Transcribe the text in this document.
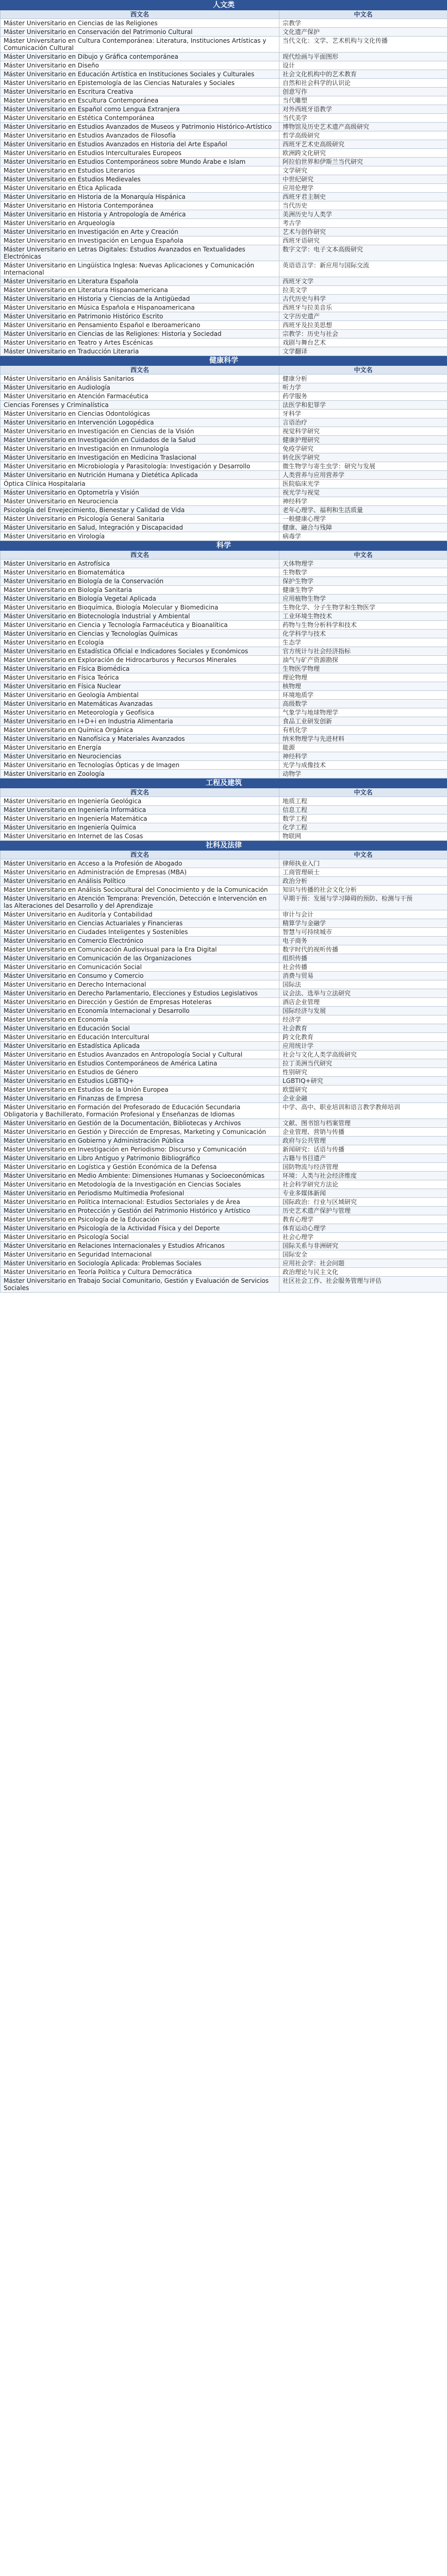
人文类	
西文名	中文名
Máster Universitario en Ciencias de las Religiones	宗教学
Máster Universitario en Conservación del Patrimonio Cultural	文化遗产保护
Máster Universitario en Cultura Contemporánea: Literatura, Instituciones Artísticas y Comunicación Cultural	当代文化：文学、艺术机构与文化传播
Máster Universitario en Dibujo y Gráfica contemporánea	现代绘画与平面图形
Máster Universitario en Diseño	设计
Máster Universitario en Educación Artística en Instituciones Sociales y Culturales	社会文化机构中的艺术教育
Máster Universitario en Epistemología de las Ciencias Naturales y Sociales	自然和社会科学的认识论
Máster Universitario en Escritura Creativa	创意写作
Máster Universitario en Escultura Contemporánea	当代雕塑
Máster Universitario en Español como Lengua Extranjera	对外西班牙语教学
Máster Universitario en Estética Contemporánea	当代美学
Máster Universitario en Estudios Avanzados de Museos y Patrimonio Histórico-Artístico	博物馆及历史艺术遗产高级研究
Máster Universitario en Estudios Avanzados de Filosofía	哲学高级研究
Máster Universitario en Estudios Avanzados en Historia del Arte Español	西班牙艺术史高级研究
Máster Universitario en Estudios Interculturales Europeos	欧洲跨文化研究
Máster Universitario en Estudios Contemporáneos sobre Mundo Árabe e Islam	阿拉伯世界和伊斯兰当代研究
Máster Universitario en Estudios Literarios	文学研究
Máster Universitario en Estudios Medievales	中世纪研究
Máster Universitario en Ética Aplicada	应用伦理学
Máster Universitario en Historia de la Monarquía Hispánica	西班牙君主制史
Máster Universitario en Historia Contemporánea	当代历史
Máster Universitario en Historia y Antropología de América	美洲历史与人类学
Máster Universitario en Arqueología	考古学
Máster Universitario en Investigación en Arte y Creación	艺术与创作研究
Máster Universitario en Investigación en Lengua Española	西班牙语研究
Máster Universitario en Letras Digitales: Estudios Avanzados en Textualidades Electrónicas	数字文学：电子文本高级研究
Máster Universitario en Lingüística Inglesa: Nuevas Aplicaciones y Comunicación Internacional	英语语言学：新应用与国际交流
Máster Universitario en Literatura Española	西班牙文学
Máster Universitario en Literatura Hispanoamericana	拉美文学
Máster Universitario en Historia y Ciencias de la Antigüedad	古代历史与科学
Máster Universitario en Música Española e Hispanoamericana	西班牙与拉美音乐
Máster Universitario en Patrimonio Histórico Escrito	文字历史遗产
Máster Universitario en Pensamiento Español e Iberoamericano	西班牙及拉美思想
Máster Universitario en Ciencias de las Religiones: Historia y Sociedad	宗教学：历史与社会
Máster Universitario en Teatro y Artes Escénicas	戏剧与舞台艺术
Máster Universitario en Traducción Literaria	文学翻译
健康科学	
西文名	中文名
Máster Universitario en Análisis Sanitarios	健康分析
Máster Universitario en Audiología	听力学
Máster Universitario en Atención Farmacéutica	药学服务
Ciencias Forenses y Criminalística	法医学和犯罪学
Máster Universitario en Ciencias Odontológicas	牙科学
Máster Universitario en Intervención Logopédica	言语治疗
Máster Universitario en Investigación en Ciencias de la Visión	视觉科学研究
Máster Universitario en Investigación en Cuidados de la Salud	健康护理研究
Máster Universitario en Investigación en Inmunología	免疫学研究
Máster Universitario en Investigación en Medicina Traslacional	转化医学研究
Máster Universitario en Microbiología y Parasitología: Investigación y Desarrollo	微生物学与寄生虫学：研究与发展
Máster Universitario en Nutrición Humana y Dietética Aplicada	人类营养与应用营养学
Óptica Clínica Hospitalaria	医院临床光学
Máster Universitario en Optometría y Visión	视光学与视觉
Máster Universitario en Neurociencia	神经科学
Psicología del Envejecimiento, Bienestar y Calidad de Vida	老年心理学、福利和生活质量
Máster Universitario en Psicología General Sanitaria	一般健康心理学
Máster Universitario en Salud, Integración y Discapacidad	健康、融合与残障
Máster Universitario en Virología	病毒学
科学	
西文名	中文名
Máster Universitario en Astrofísica	天体物理学
Máster Universitario en Biomatemática	生物数学
Máster Universitario en Biología de la Conservación	保护生物学
Máster Universitario en Biología Sanitaria	健康生物学
Máster Universitario en Biología Vegetal Aplicada	应用植物生物学
Máster Universitario en Bioquímica, Biología Molecular y Biomedicina	生物化学、分子生物学和生物医学
Máster Universitario en Biotecnología Industrial y Ambiental	工业环境生物技术
Máster Universitario en Ciencia y Tecnología Farmacéutica y Bioanalítica	药物与生物分析科学和技术
Máster Universitario en Ciencias y Tecnologías Químicas	化学科学与技术
Máster Universitario en Ecología	生态学
Máster Universitario en Estadística Oficial e Indicadores Sociales y Económicos	官方统计与社会经济指标
Máster Universitario en Exploración de Hidrocarburos y Recursos Minerales	油气与矿产资源勘探
Máster Universitario en Física Biomédica	生物医学物理
Máster Universitario en Física Teórica	理论物理
Máster Universitario en Física Nuclear	核物理
Máster Universitario en Geología Ambiental	环境地质学
Máster Universitario en Matemáticas Avanzadas	高级数学
Máster Universitario en Meteorología y Geofísica	气象学与地球物理学
Máster Universitario en I+D+i en Industria Alimentaria	食品工业研发创新
Máster Universitario en Química Orgánica	有机化学
Máster Universitario en Nanofísica y Materiales Avanzados	纳米物理学与先进材料
Máster Universitario en Energía	能源
Máster Universitario en Neurociencias	神经科学
Máster Universitario en Tecnologías Ópticas y de Imagen	光学与成像技术
Máster Universitario en Zoología	动物学
工程及建筑	
西文名	中文名
Máster Universitario en Ingeniería Geológica	地质工程
Máster Universitario en Ingeniería Informática	信息工程
Máster Universitario en Ingeniería Matemática	数学工程
Máster Universitario en Ingeniería Química	化学工程
Máster Universitario en Internet de las Cosas	物联网
社科及法律	
西文名	中文名
Máster Universitario en Acceso a la Profesión de Abogado	律师执业入门
Máster Universitario en Administración de Empresas (MBA)	工商管理硕士
Máster Universitario en Análisis Político	政治分析
Máster Universitario en Análisis Sociocultural del Conocimiento y de la Comunicación	知识与传播的社会文化分析
Máster Universitario en Atención Temprana: Prevención, Detección e Intervención en las Alteraciones del Desarrollo y del Aprendizaje	早期干预：发展与学习障碍的预防、检测与干预
Máster Universitario en Auditoría y Contabilidad	审计与会计
Máster Universitario en Ciencias Actuariales y Financieras	精算学与金融学
Máster Universitario en Ciudades Inteligentes y Sostenibles	智慧与可持续城市
Máster Universitario en Comercio Electrónico	电子商务
Máster Universitario en Comunicación Audiovisual para la Era Digital	数字时代的视听传播
Máster Universitario en Comunicación de las Organizaciones	组织传播
Máster Universitario en Comunicación Social	社会传播
Máster Universitario en Consumo y Comercio	消费与贸易
Máster Universitario en Derecho Internacional	国际法
Máster Universitario en Derecho Parlamentario, Elecciones y Estudios Legislativos	议会法、选举与立法研究
Máster Universitario en Dirección y Gestión de Empresas Hoteleras	酒店企业管理
Máster Universitario en Economía Internacional y Desarrollo	国际经济与发展
Máster Universitario en Economía	经济学
Máster Universitario en Educación Social	社会教育
Máster Universitario en Educación Intercultural	跨文化教育
Máster Universitario en Estadística Aplicada	应用统计学
Máster Universitario en Estudios Avanzados en Antropología Social y Cultural	社会与文化人类学高级研究
Máster Universitario en Estudios Contemporáneos de América Latina	拉丁美洲当代研究
Máster Universitario en Estudios de Género	性别研究
Máster Universitario en Estudios LGBTIQ+	LGBTIQ+研究
Máster Universitario en Estudios de la Unión Europea	欧盟研究
Máster Universitario en Finanzas de Empresa	企业金融
Máster Universitario en Formación del Profesorado de Educación Secundaria Obligatoria y Bachillerato, Formación Profesional y Enseñanzas de Idiomas	中学、高中、职业培训和语言教学教师培训
Máster Universitario en Gestión de la Documentación, Bibliotecas y Archivos	文献、图书馆与档案管理
Máster Universitario en Gestión y Dirección de Empresas, Marketing y Comunicación	企业管理、营销与传播
Máster Universitario en Gobierno y Administración Pública	政府与公共管理
Máster Universitario en Investigación en Periodismo: Discurso y Comunicación	新闻研究：话语与传播
Máster Universitario en Libro Antiguo y Patrimonio Bibliográfico	古籍与书目遗产
Máster Universitario en Logística y Gestión Económica de la Defensa	国防物流与经济管理
Máster Universitario en Medio Ambiente: Dimensiones Humanas y Socioeconómicas	环境：人类与社会经济维度
Máster Universitario en Metodología de la Investigación en Ciencias Sociales	社会科学研究方法论
Máster Universitario en Periodismo Multimedia Profesional	专业多媒体新闻
Máster Universitario en Política Internacional: Estudios Sectoriales y de Área	国际政治：行业与区域研究
Máster Universitario en Protección y Gestión del Patrimonio Histórico y Artístico	历史艺术遗产保护与管理
Máster Universitario en Psicología de la Educación	教育心理学
Máster Universitario en Psicología de la Actividad Física y del Deporte	体育运动心理学
Máster Universitario en Psicología Social	社会心理学
Máster Universitario en Relaciones Internacionales y Estudios Africanos	国际关系与非洲研究
Máster Universitario en Seguridad Internacional	国际安全
Máster Universitario en Sociología Aplicada: Problemas Sociales	应用社会学：社会问题
Máster Universitario en Teoría Política y Cultura Democrática	政治理论与民主文化
Máster Universitario en Trabajo Social Comunitario, Gestión y Evaluación de Servicios Sociales	社区社会工作、社会服务管理与评估
